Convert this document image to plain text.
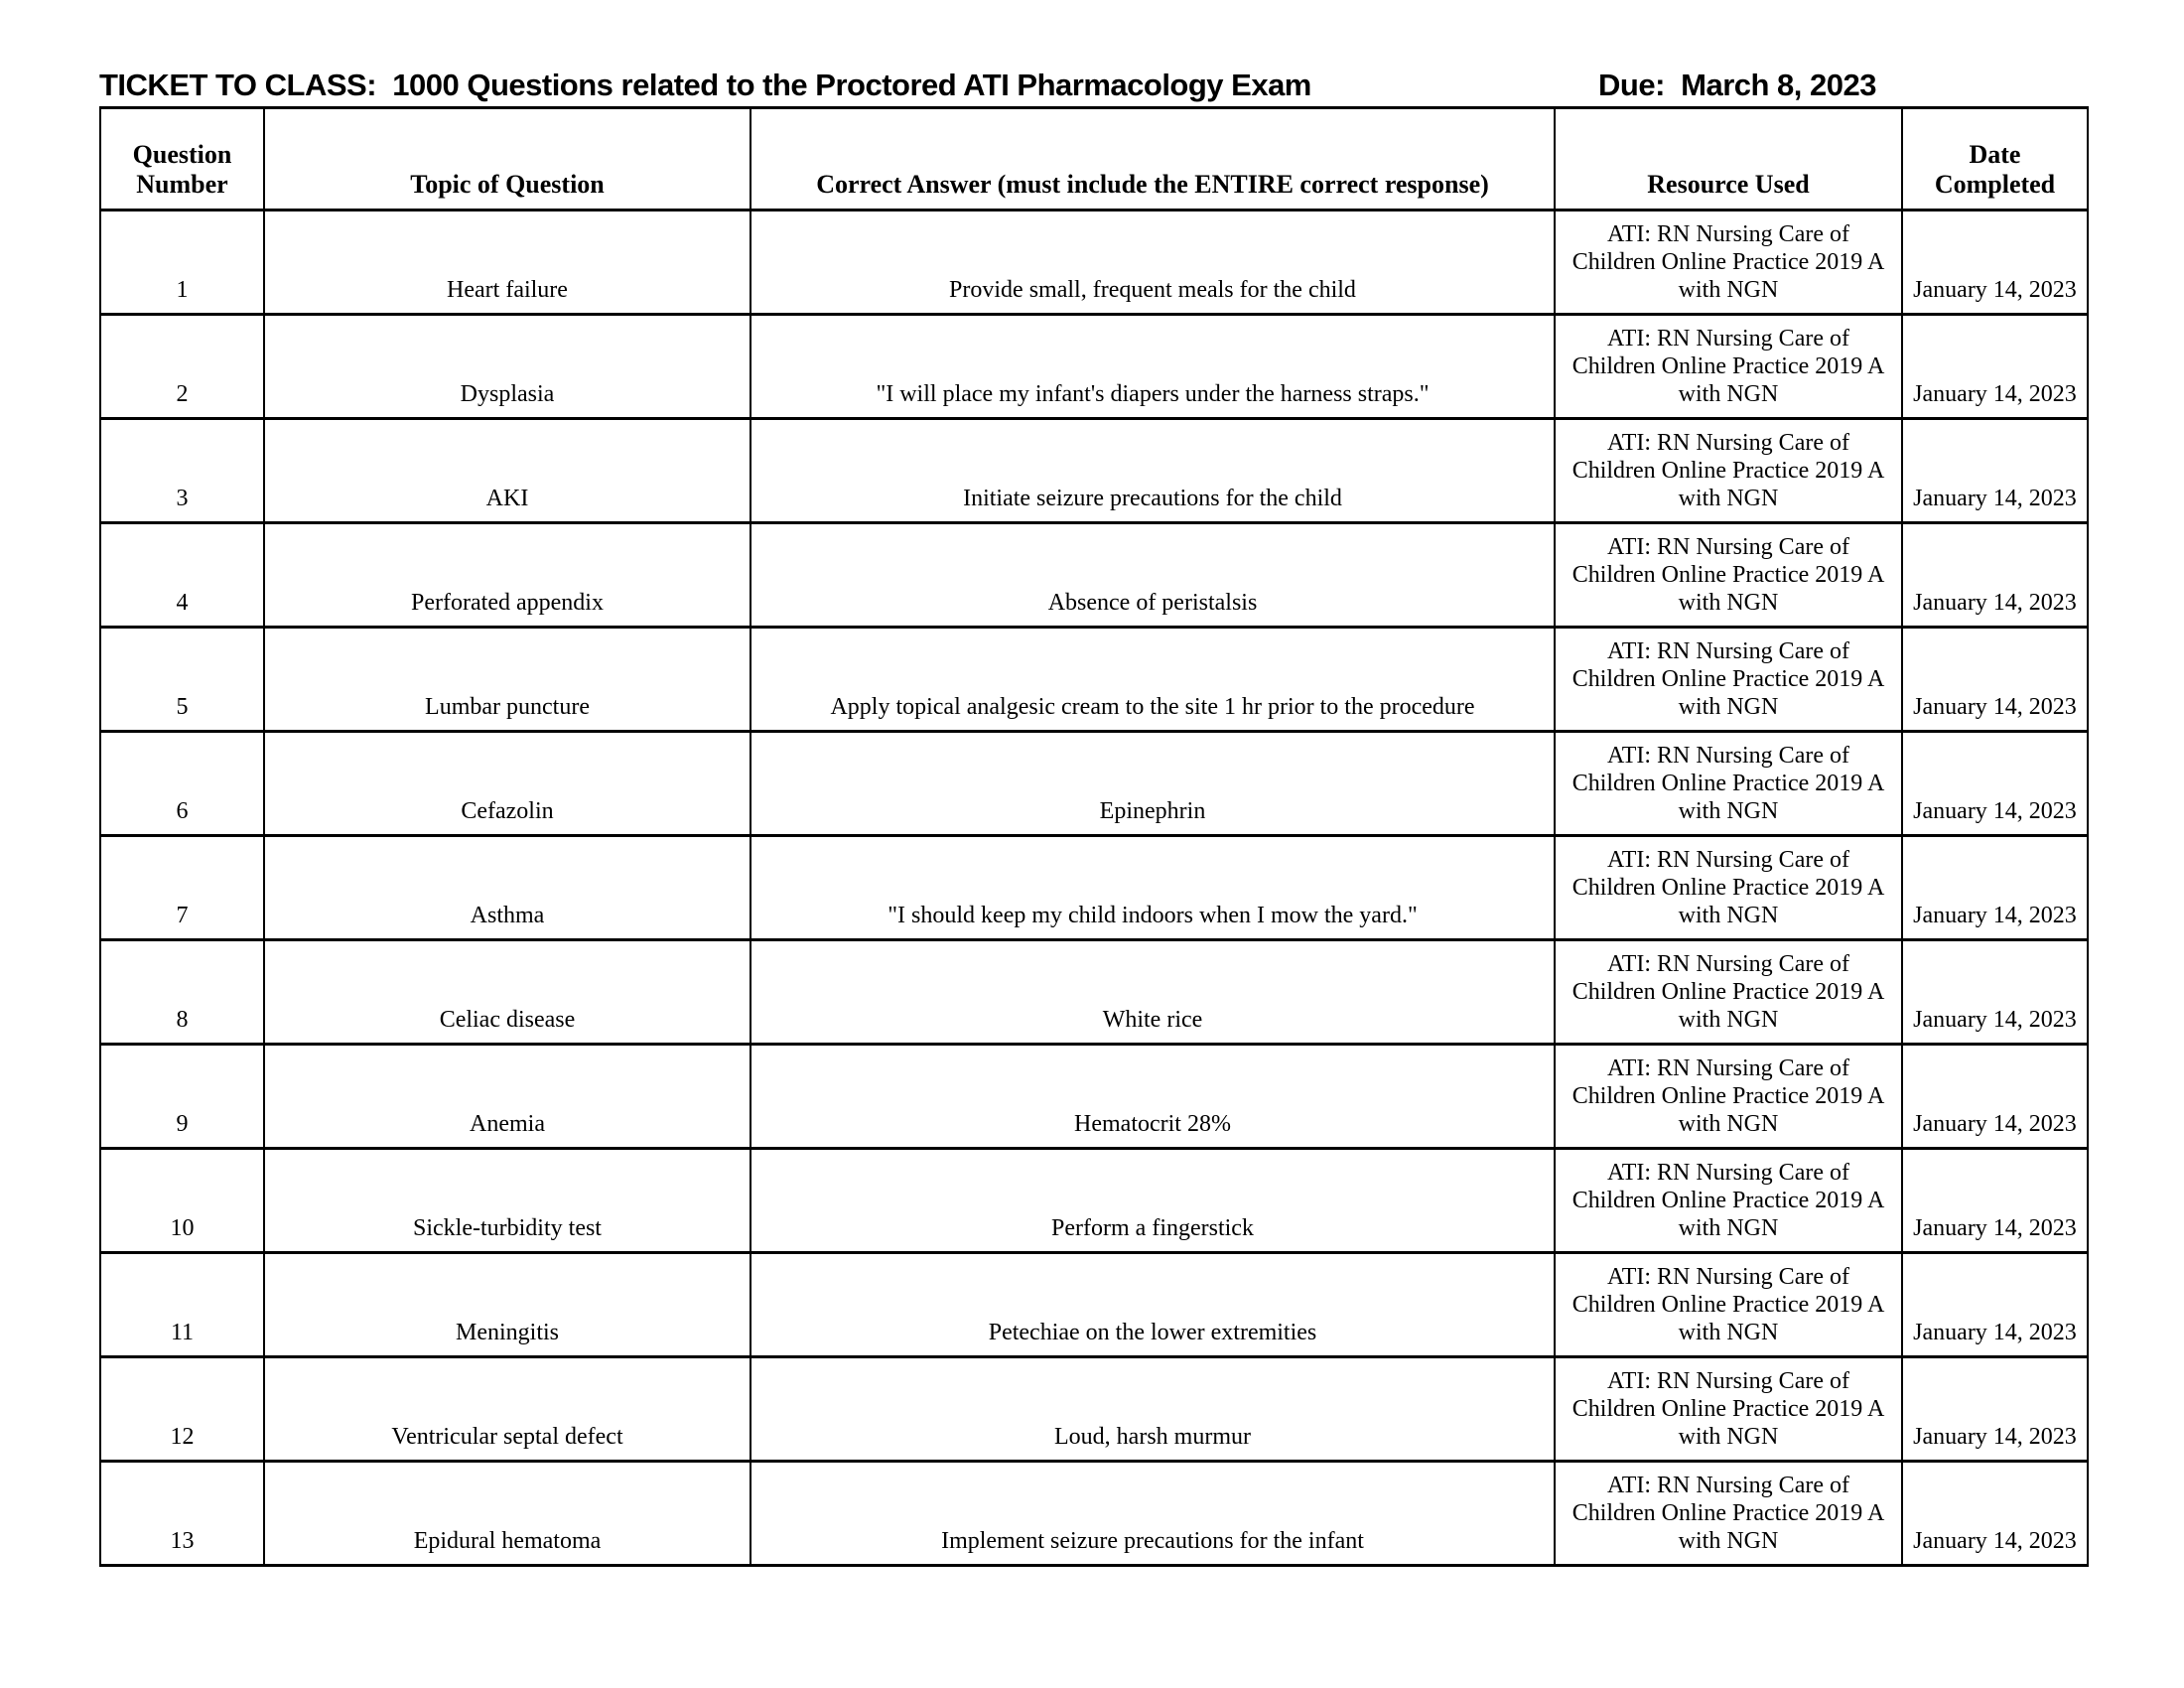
TICKET TO CLASS:  1000 Questions related to the Proctored ATI Pharmacology Exam	Due:  March 8, 2023
Question Number	Topic of Question	Correct Answer (must include the ENTIRE correct response)	Resource Used	Date Completed
1	Heart failure	Provide small, frequent meals for the child	ATI: RN Nursing Care of Children Online Practice 2019 A with NGN	January 14, 2023
2	Dysplasia	"I will place my infant's diapers under the harness straps."	ATI: RN Nursing Care of Children Online Practice 2019 A with NGN	January 14, 2023
3	AKI	Initiate seizure precautions for the child	ATI: RN Nursing Care of Children Online Practice 2019 A with NGN	January 14, 2023
4	Perforated appendix	Absence of peristalsis	ATI: RN Nursing Care of Children Online Practice 2019 A with NGN	January 14, 2023
5	Lumbar puncture	Apply topical analgesic cream to the site 1 hr prior to the procedure	ATI: RN Nursing Care of Children Online Practice 2019 A with NGN	January 14, 2023
6	Cefazolin	Epinephrin	ATI: RN Nursing Care of Children Online Practice 2019 A with NGN	January 14, 2023
7	Asthma	"I should keep my child indoors when I mow the yard."	ATI: RN Nursing Care of Children Online Practice 2019 A with NGN	January 14, 2023
8	Celiac disease	White rice	ATI: RN Nursing Care of Children Online Practice 2019 A with NGN	January 14, 2023
9	Anemia	Hematocrit 28%	ATI: RN Nursing Care of Children Online Practice 2019 A with NGN	January 14, 2023
10	Sickle-turbidity test	Perform a fingerstick	ATI: RN Nursing Care of Children Online Practice 2019 A with NGN	January 14, 2023
11	Meningitis	Petechiae on the lower extremities	ATI: RN Nursing Care of Children Online Practice 2019 A with NGN	January 14, 2023
12	Ventricular septal defect	Loud, harsh murmur	ATI: RN Nursing Care of Children Online Practice 2019 A with NGN	January 14, 2023
13	Epidural hematoma	Implement seizure precautions for the infant	ATI: RN Nursing Care of Children Online Practice 2019 A with NGN	January 14, 2023
